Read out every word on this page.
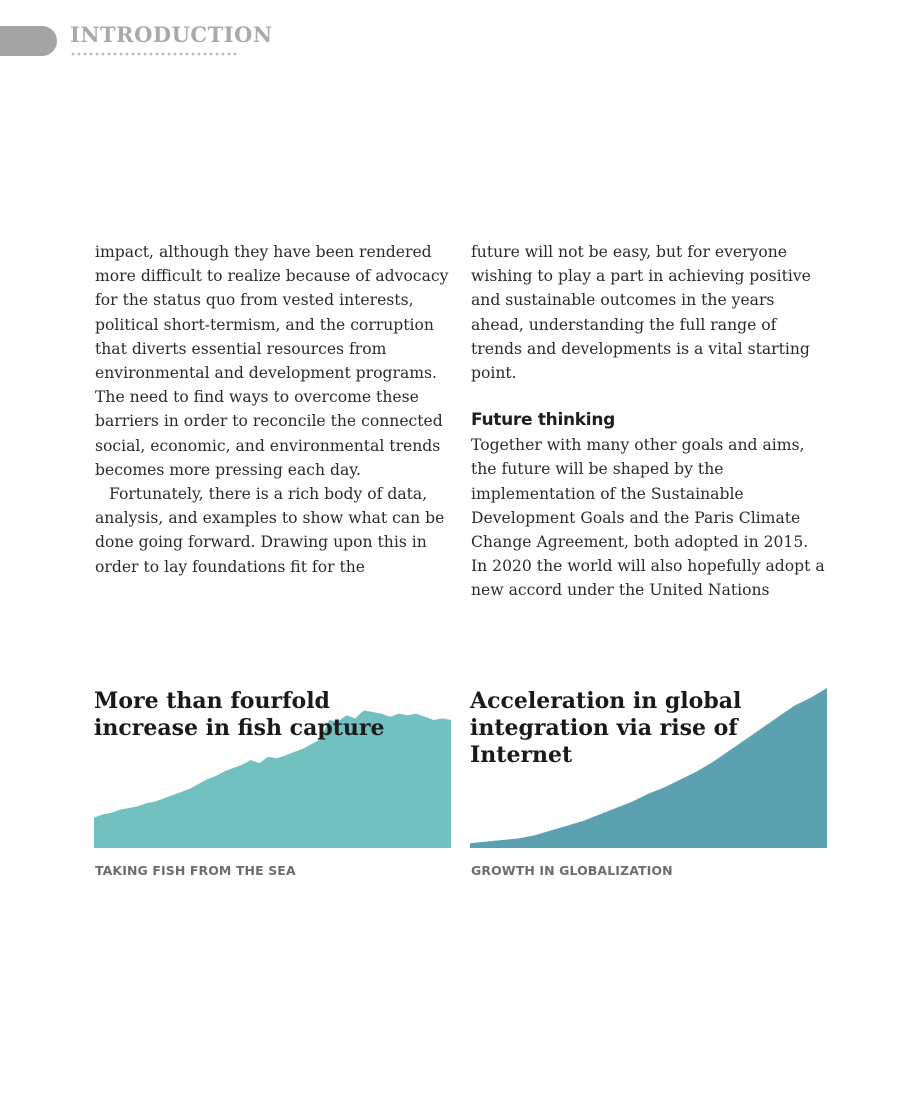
INTRODUCTION

impact, although they have been rendered more difficult to realize because of advocacy for the status quo from vested interests, political short-termism, and the corruption that diverts essential resources from environmental and development programs. The need to find ways to overcome these barriers in order to reconcile the connected social, economic, and environmental trends becomes more pressing each day.

Fortunately, there is a rich body of data, analysis, and examples to show what can be done going forward. Drawing upon this in order to lay foundations fit for the

future will not be easy, but for everyone wishing to play a part in achieving positive and sustainable outcomes in the years ahead, understanding the full range of trends and developments is a vital starting point.

Future thinking

Together with many other goals and aims, the future will be shaped by the implementation of the Sustainable Development Goals and the Paris Climate Change Agreement, both adopted in 2015. In 2020 the world will also hopefully adopt a new accord under the United Nations

More than fourfold increase in fish capture
TAKING FISH FROM THE SEA
Acceleration in global integration via rise of Internet
GROWTH IN GLOBALIZATION
